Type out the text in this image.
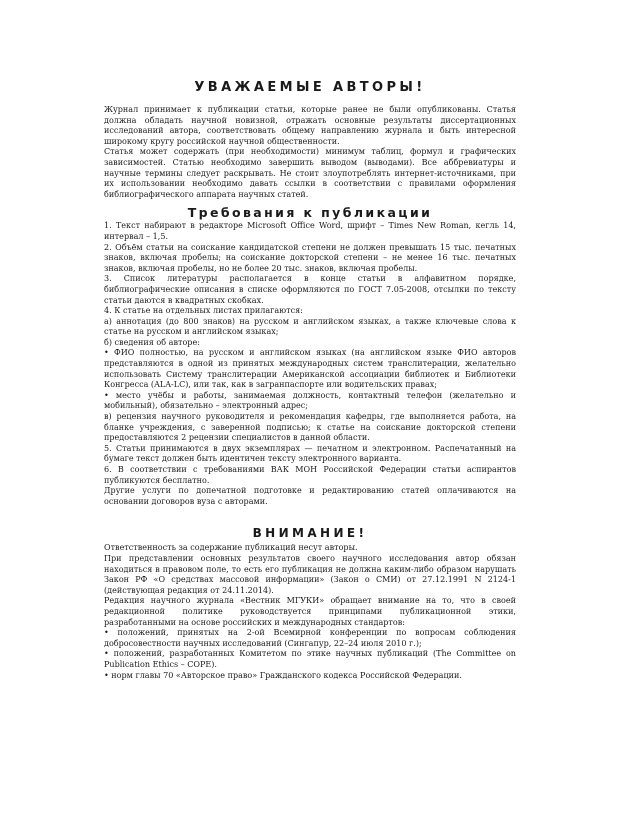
УВАЖАЕМЫЕ АВТОРЫ!

Журнал принимает к публикации статьи, которые ранее не были опубликованы. Статья должна обладать научной новизной, отражать основные результаты диссертационных исследований автора, соответствовать общему направлению журнала и быть интересной широкому кругу российской научной общественности.

Статья может содержать (при необходимости) минимум таблиц, формул и графических зависимостей. Статью необходимо завершить выводом (выводами). Все аббревиатуры и научные термины следует раскрывать. Не стоит злоупотреблять интернет-источниками, при их использовании необходимо давать ссылки в соответствии с правилами оформления библиографического аппарата научных статей.

Требования к публикации

1. Текст набирают в редакторе Microsoft Office Word, шрифт – Times New Roman, кегль 14, интервал – 1,5.

2. Объём статьи на соискание кандидатской степени не должен превышать 15 тыс. печатных знаков, включая пробелы; на соискание докторской степени – не менее 16 тыс. печатных знаков, включая пробелы, но не более 20 тыс. знаков, включая пробелы.

3. Список литературы располагается в конце статьи в алфавитном порядке, библиографические описания в списке оформляются по ГОСТ 7.05-2008, отсылки по тексту статьи даются в квадратных скобках.

4. К статье на отдельных листах прилагаются:

а) аннотация (до 800 знаков) на русском и английском языках, а также ключевые слова к статье на русском и английском языках;

б) сведения об авторе:

• ФИО полностью, на русском и английском языках (на английском языке ФИО авторов представляются в одной из принятых международных систем транслитерации, желательно использовать Систему транслитерации Американской ассоциации библиотек и Библиотеки Конгресса (ALA-LC), или так, как в загранпаспорте или водительских правах;

• место учёбы и работы, занимаемая должность, контактный телефон (желательно и мобильный), обязательно – электронный адрес;

в) рецензия научного руководителя и рекомендация кафедры, где выполняется работа, на бланке учреждения, с заверенной подписью; к статье на соискание докторской степени предоставляются 2 рецензии специалистов в данной области.

5. Статьи принимаются в двух экземплярах — печатном и электронном. Распечатанный на бумаге текст должен быть идентичен тексту электронного варианта.

6. В соответствии с требованиями ВАК МОН Российской Федерации статьи аспирантов публикуются бесплатно.

Другие услуги по допечатной подготовке и редактированию статей оплачиваются на основании договоров вуза с авторами.

ВНИМАНИЕ!

Ответственность за содержание публикаций несут авторы.

При представлении основных результатов своего научного исследования автор обязан находиться в правовом поле, то есть его публикация не должна каким-либо образом нарушать Закон РФ «О средствах массовой информации» (Закон о СМИ) от 27.12.1991 N 2124-1 (действующая редакция от 24.11.2014).

Редакция научного журнала «Вестник МГУКИ» обращает внимание на то, что в своей редакционной политике руководствуется принципами публикационной этики, разработанными на основе российских и международных стандартов:

• положений, принятых на 2-ой Всемирной конференции по вопросам соблюдения добросовестности научных исследований (Сингапур, 22–24 июля 2010 г.);

• положений, разработанных Комитетом по этике научных публикаций (The Committee on Publication Ethics – COPE).

• норм главы 70 «Авторское право» Гражданского кодекса Российской Федерации.
